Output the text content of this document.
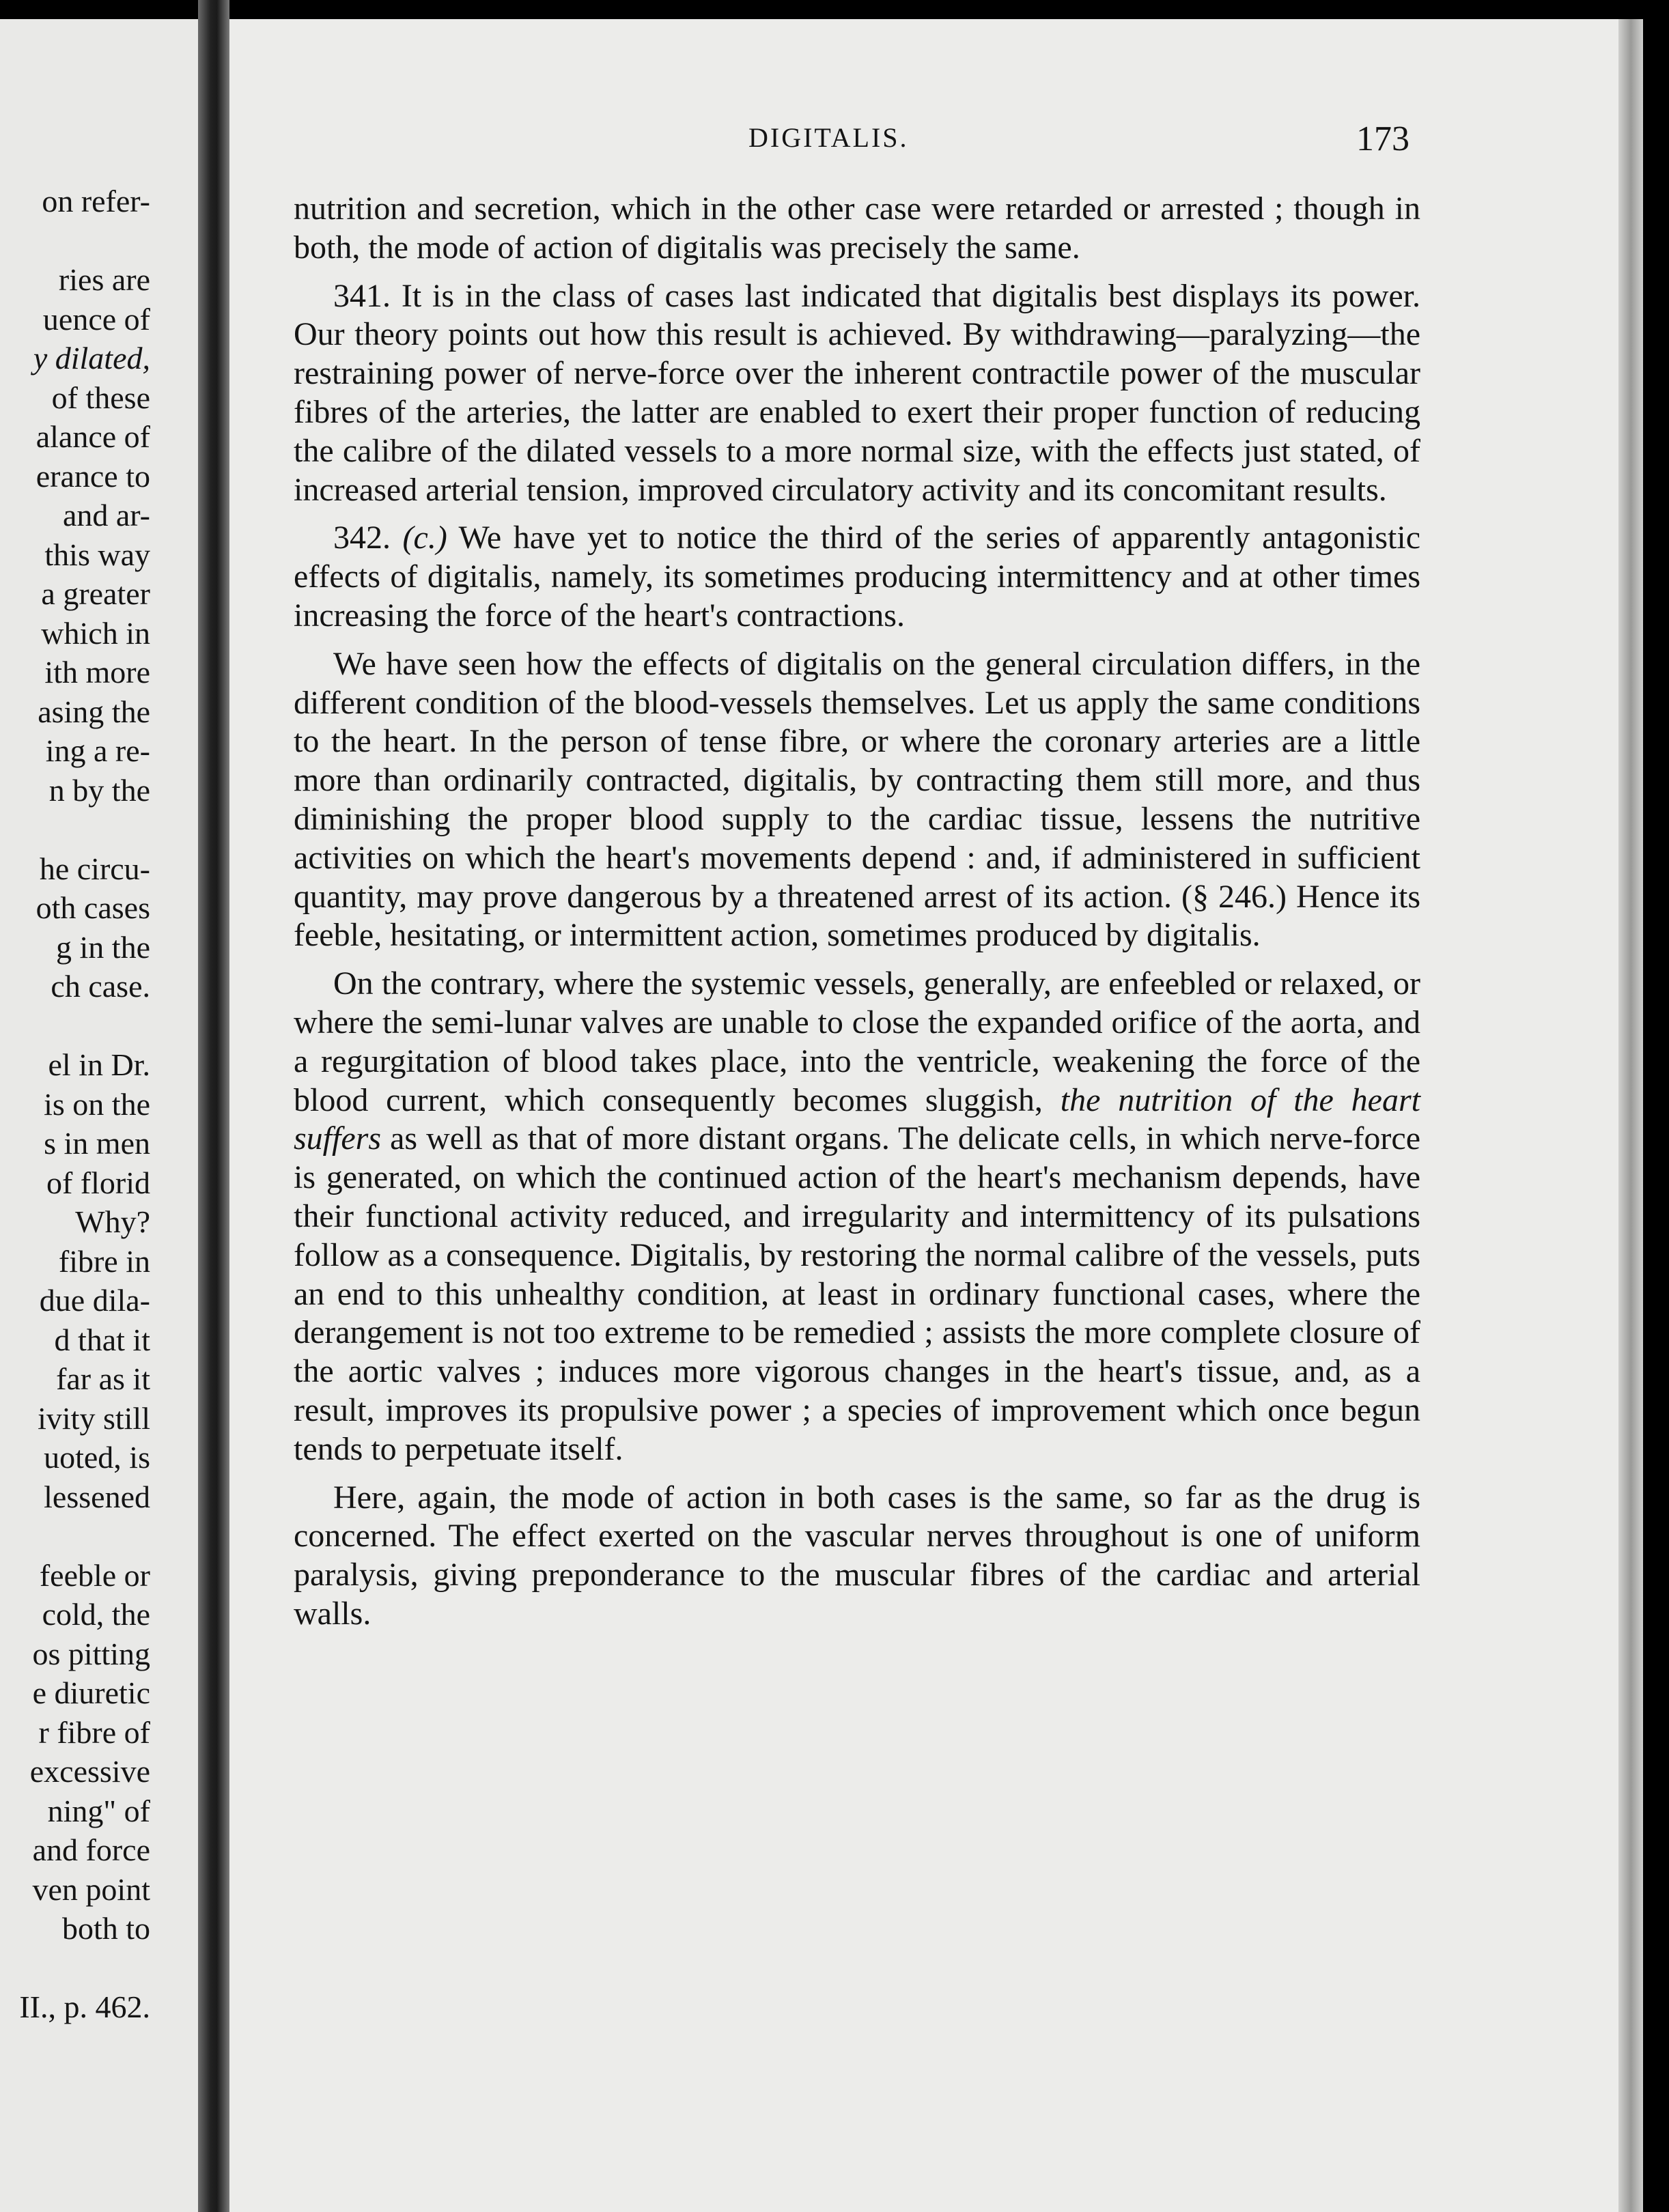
on refer-
ries are
uence of
y dilated,
of these
alance of
erance to
and ar-
this way
a greater
which in
ith more
asing the
ing a re-
n by the
he circu-
oth cases
g in the
ch case.
el in Dr.
is on the
s in men
of florid
Why?
fibre in
due dila-
d that it
far as it
ivity still
uoted, is
lessened
feeble or
cold, the
os pitting
e diuretic
r fibre of
excessive
ning" of
and force
ven point
both to
II., p. 462.
DIGITALIS.	173

nutrition and secretion, which in the other case were retarded or arrested ; though in both, the mode of action of digitalis was precisely the same.

341. It is in the class of cases last indicated that digitalis best displays its power. Our theory points out how this result is achieved. By withdrawing—paralyzing—the restraining power of nerve-force over the inherent contractile power of the muscular fibres of the arteries, the latter are enabled to exert their proper function of reducing the calibre of the dilated vessels to a more normal size, with the effects just stated, of increased arterial tension, improved circulatory activity and its concomitant results.

342. (c.) We have yet to notice the third of the series of apparently antagonistic effects of digitalis, namely, its sometimes producing intermittency and at other times increasing the force of the heart's contractions.

We have seen how the effects of digitalis on the general circulation differs, in the different condition of the blood-vessels themselves. Let us apply the same conditions to the heart. In the person of tense fibre, or where the coronary arteries are a little more than ordinarily contracted, digitalis, by contracting them still more, and thus diminishing the proper blood supply to the cardiac tissue, lessens the nutritive activities on which the heart's movements depend : and, if administered in sufficient quantity, may prove dangerous by a threatened arrest of its action. (§ 246.) Hence its feeble, hesitating, or intermittent action, sometimes produced by digitalis.

On the contrary, where the systemic vessels, generally, are enfeebled or relaxed, or where the semi-lunar valves are unable to close the expanded orifice of the aorta, and a regurgitation of blood takes place, into the ventricle, weakening the force of the blood current, which consequently becomes sluggish, the nutrition of the heart suffers as well as that of more distant organs. The delicate cells, in which nerve-force is generated, on which the continued action of the heart's mechanism depends, have their functional activity reduced, and irregularity and intermittency of its pulsations follow as a consequence. Digitalis, by restoring the normal calibre of the vessels, puts an end to this unhealthy condition, at least in ordinary functional cases, where the derangement is not too extreme to be remedied ; assists the more complete closure of the aortic valves ; induces more vigorous changes in the heart's tissue, and, as a result, improves its propulsive power ; a species of improvement which once begun tends to perpetuate itself.

Here, again, the mode of action in both cases is the same, so far as the drug is concerned. The effect exerted on the vascular nerves throughout is one of uniform paralysis, giving preponderance to the muscular fibres of the cardiac and arterial walls.
